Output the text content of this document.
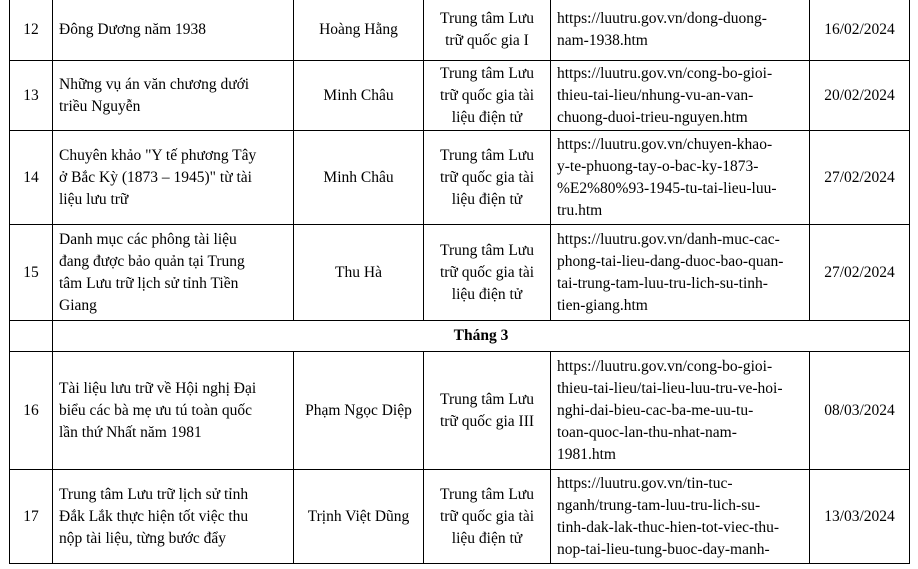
12	Đông Dương năm 1938	Hoàng Hằng	Trung tâm Lưu
trữ quốc gia I	https://luutru.gov.vn/dong-duong-
nam-1938.htm	16/02/2024
13	Những vụ án văn chương dưới
triều Nguyễn	Minh Châu	Trung tâm Lưu
trữ quốc gia tài
liệu điện tử	https://luutru.gov.vn/cong-bo-gioi-
thieu-tai-lieu/nhung-vu-an-van-
chuong-duoi-trieu-nguyen.htm	20/02/2024
14	Chuyên khảo "Y tế phương Tây
ở Bắc Kỳ (1873 – 1945)" từ tài
liệu lưu trữ	Minh Châu	Trung tâm Lưu
trữ quốc gia tài
liệu điện tử	https://luutru.gov.vn/chuyen-khao-
y-te-phuong-tay-o-bac-ky-1873-
%E2%80%93-1945-tu-tai-lieu-luu-
tru.htm	27/02/2024
15	Danh mục các phông tài liệu
đang được bảo quản tại Trung
tâm Lưu trữ lịch sử tỉnh Tiền
Giang	Thu Hà	Trung tâm Lưu
trữ quốc gia tài
liệu điện tử	https://luutru.gov.vn/danh-muc-cac-
phong-tai-lieu-dang-duoc-bao-quan-
tai-trung-tam-luu-tru-lich-su-tinh-
tien-giang.htm	27/02/2024
	Tháng 3				
16	Tài liệu lưu trữ về Hội nghị Đại
biểu các bà mẹ ưu tú toàn quốc
lần thứ Nhất năm 1981	Phạm Ngọc Diệp	Trung tâm Lưu
trữ quốc gia III	https://luutru.gov.vn/cong-bo-gioi-
thieu-tai-lieu/tai-lieu-luu-tru-ve-hoi-
nghi-dai-bieu-cac-ba-me-uu-tu-
toan-quoc-lan-thu-nhat-nam-
1981.htm	08/03/2024
17	Trung tâm Lưu trữ lịch sử tỉnh
Đắk Lắk thực hiện tốt việc thu
nộp tài liệu, từng bước đẩy	Trịnh Việt Dũng	Trung tâm Lưu
trữ quốc gia tài
liệu điện tử	https://luutru.gov.vn/tin-tuc-
nganh/trung-tam-luu-tru-lich-su-
tinh-dak-lak-thuc-hien-tot-viec-thu-
nop-tai-lieu-tung-buoc-day-manh-	13/03/2024
